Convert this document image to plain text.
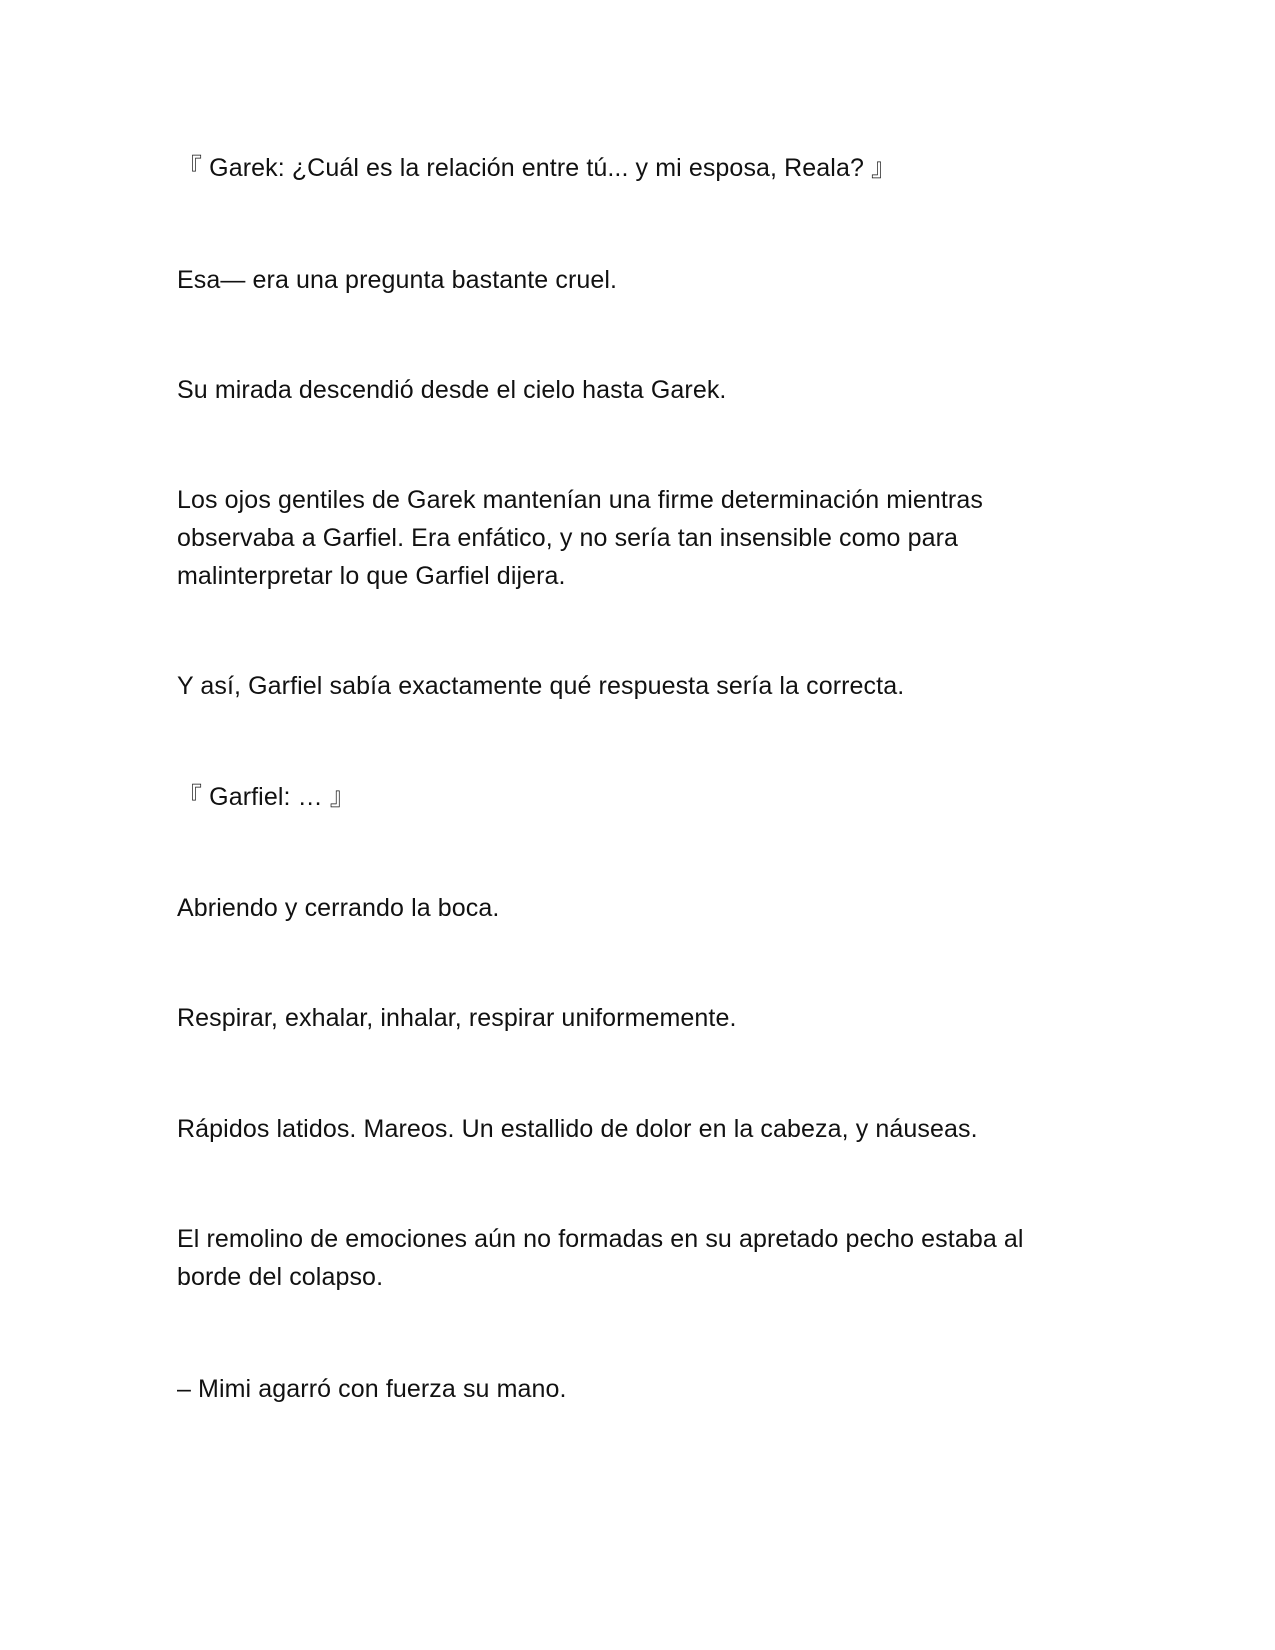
『 Garek: ¿Cuál es la relación entre tú... y mi esposa, Reala? 』

Esa— era una pregunta bastante cruel.

Su mirada descendió desde el cielo hasta Garek.

Los ojos gentiles de Garek mantenían una firme determinación mientras
observaba a Garfiel. Era enfático, y no sería tan insensible como para
malinterpretar lo que Garfiel dijera.

Y así, Garfiel sabía exactamente qué respuesta sería la correcta.

『 Garfiel: … 』

Abriendo y cerrando la boca.

Respirar, exhalar, inhalar, respirar uniformemente.

Rápidos latidos. Mareos. Un estallido de dolor en la cabeza, y náuseas.

El remolino de emociones aún no formadas en su apretado pecho estaba al
borde del colapso.

– Mimi agarró con fuerza su mano.
